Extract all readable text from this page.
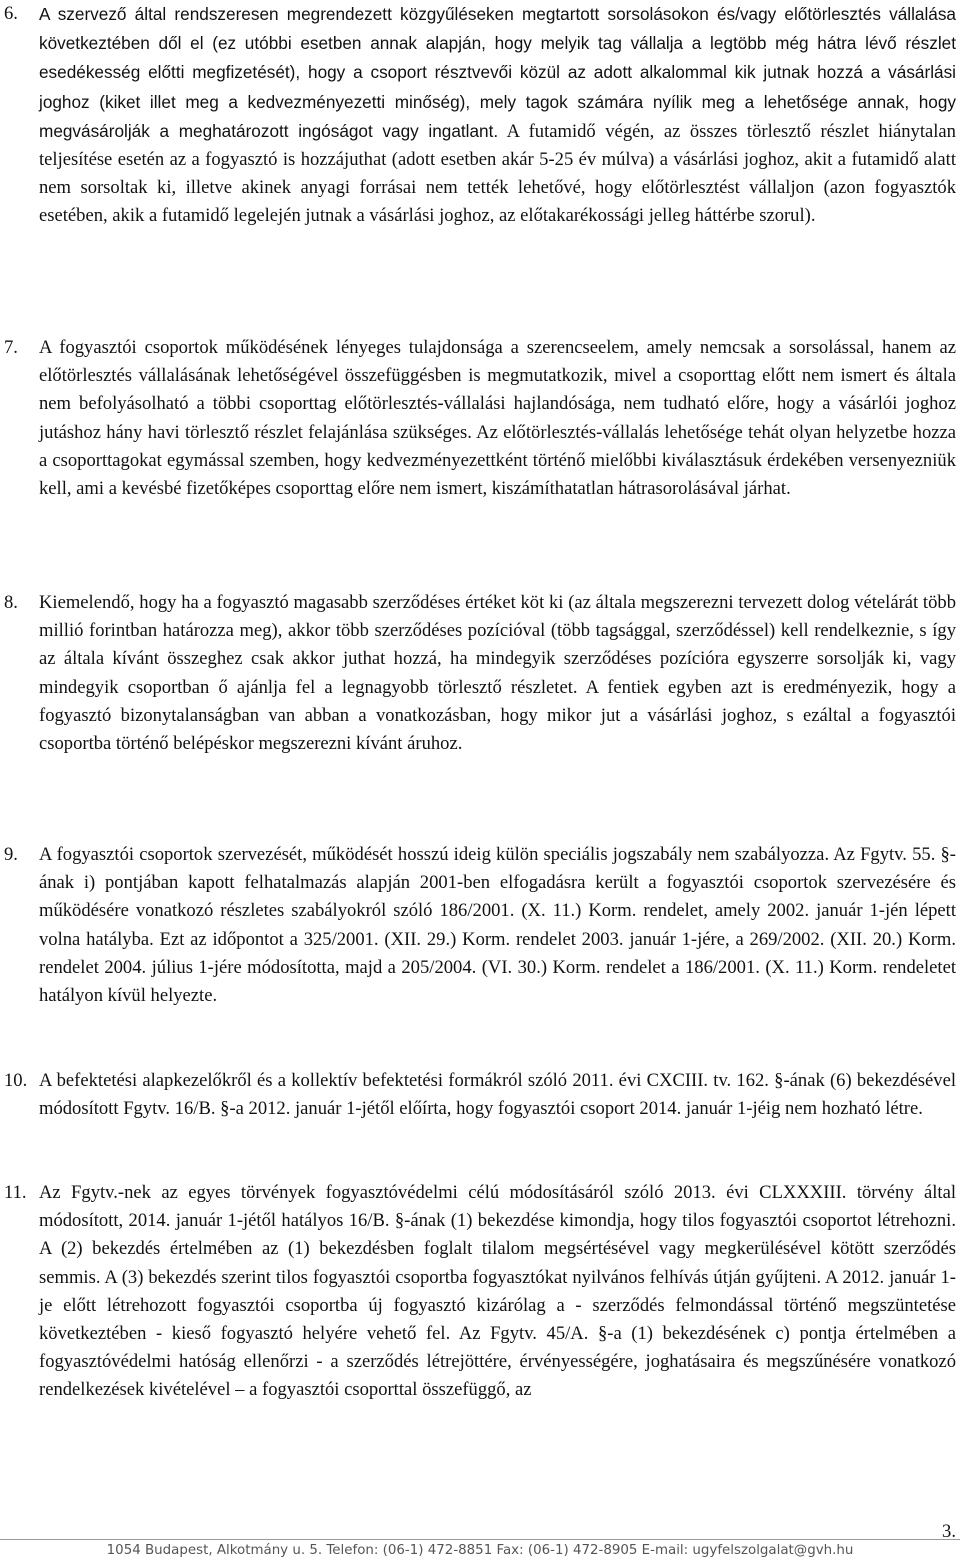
6.	A szervező által rendszeresen megrendezett közgyűléseken megtartott sorsolásokon és/vagy előtörlesztés vállalása következtében dől el (ez utóbbi esetben annak alapján, hogy melyik tag vállalja a legtöbb még hátra lévő részlet esedékesség előtti megfizetését), hogy a csoport résztvevői közül az adott alkalommal kik jutnak hozzá a vásárlási joghoz (kiket illet meg a kedvezményezetti minőség), mely tagok számára nyílik meg a lehetősége annak, hogy megvásárolják a meghatározott ingóságot vagy ingatlant. A futamidő végén, az összes törlesztő részlet hiánytalan teljesítése esetén az a fogyasztó is hozzájuthat (adott esetben akár 5-25 év múlva) a vásárlási joghoz, akit a futamidő alatt nem sorsoltak ki, illetve akinek anyagi forrásai nem tették lehetővé, hogy előtörlesztést vállaljon (azon fogyasztók esetében, akik a futamidő legelején jutnak a vásárlási joghoz, az előtakarékossági jelleg háttérbe szorul).
7.	A fogyasztói csoportok működésének lényeges tulajdonsága a szerencseelem, amely nemcsak a sorsolással, hanem az előtörlesztés vállalásának lehetőségével összefüggésben is megmutatkozik, mivel a csoporttag előtt nem ismert és általa nem befolyásolható a többi csoporttag előtörlesztés-vállalási hajlandósága, nem tudható előre, hogy a vásárlói joghoz jutáshoz hány havi törlesztő részlet felajánlása szükséges. Az előtörlesztés-vállalás lehetősége tehát olyan helyzetbe hozza a csoporttagokat egymással szemben, hogy kedvezményezettként történő mielőbbi kiválasztásuk érdekében versenyezniük kell, ami a kevésbé fizetőképes csoporttag előre nem ismert, kiszámíthatatlan hátrasorolásával járhat.
8.	Kiemelendő, hogy ha a fogyasztó magasabb szerződéses értéket köt ki (az általa megszerezni tervezett dolog vételárát több millió forintban határozza meg), akkor több szerződéses pozícióval (több tagsággal, szerződéssel) kell rendelkeznie, s így az általa kívánt összeghez csak akkor juthat hozzá, ha mindegyik szerződéses pozícióra egyszerre sorsolják ki, vagy mindegyik csoportban ő ajánlja fel a legnagyobb törlesztő részletet. A fentiek egyben azt is eredményezik, hogy a fogyasztó bizonytalanságban van abban a vonatkozásban, hogy mikor jut a vásárlási joghoz, s ezáltal a fogyasztói csoportba történő belépéskor megszerezni kívánt áruhoz.
9.	A fogyasztói csoportok szervezését, működését hosszú ideig külön speciális jogszabály nem szabályozza. Az Fgytv. 55. §-ának i) pontjában kapott felhatalmazás alapján 2001-ben elfogadásra került a fogyasztói csoportok szervezésére és működésére vonatkozó részletes szabályokról szóló 186/2001. (X. 11.) Korm. rendelet, amely 2002. január 1-jén lépett volna hatályba. Ezt az időpontot a 325/2001. (XII. 29.) Korm. rendelet 2003. január 1-jére, a 269/2002. (XII. 20.) Korm. rendelet 2004. július 1-jére módosította, majd a 205/2004. (VI. 30.) Korm. rendelet a 186/2001. (X. 11.) Korm. rendeletet hatályon kívül helyezte.
10. A befektetési alapkezelőkről és a kollektív befektetési formákról szóló 2011. évi CXCIII. tv. 162. §-ának (6) bekezdésével módosított Fgytv. 16/B. §-a 2012. január 1-jétől előírta, hogy fogyasztói csoport 2014. január 1-jéig nem hozható létre.
11. Az Fgytv.-nek az egyes törvények fogyasztóvédelmi célú módosításáról szóló 2013. évi CLXXXIII. törvény által módosított, 2014. január 1-jétől hatályos 16/B. §-ának (1) bekezdése kimondja, hogy tilos fogyasztói csoportot létrehozni. A (2) bekezdés értelmében az (1) bekezdésben foglalt tilalom megsértésével vagy megkerülésével kötött szerződés semmis. A (3) bekezdés szerint tilos fogyasztói csoportba fogyasztókat nyilvános felhívás útján gyűjteni. A 2012. január 1-je előtt létrehozott fogyasztói csoportba új fogyasztó kizárólag a - szerződés felmondással történő megszüntetése következtében - kieső fogyasztó helyére vehető fel. Az Fgytv. 45/A. §-a (1) bekezdésének c) pontja értelmében a fogyasztóvédelmi hatóság ellenőrzi - a szerződés létrejöttére, érvényességére, joghatásaira és megszűnésére vonatkozó rendelkezések kivételével – a fogyasztói csoporttal összefüggő, az
3.
1054 Budapest, Alkotmány u. 5. Telefon: (06-1) 472-8851 Fax: (06-1) 472-8905 E-mail: ugyfelszolgalat@gvh.hu
